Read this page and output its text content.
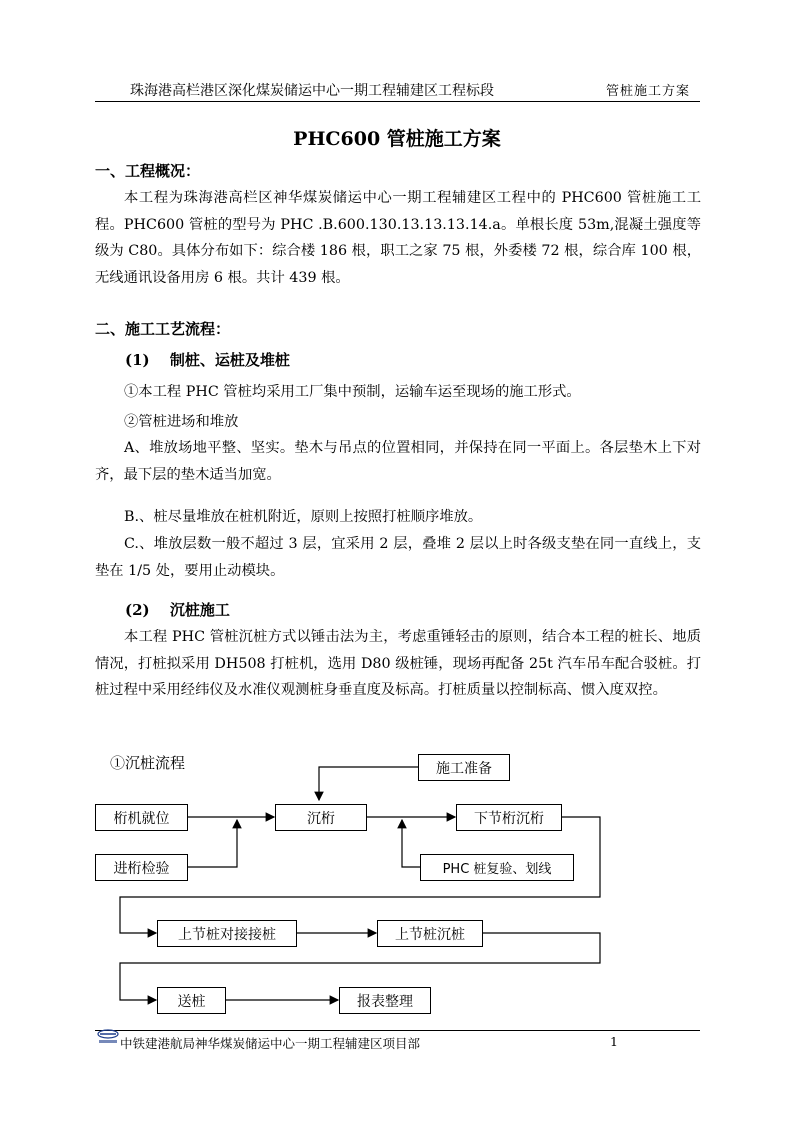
珠海港高栏港区深化煤炭储运中心一期工程辅建区工程标段	管桩施工方案
PHC600 管桩施工方案
一、工程概况：
本工程为珠海港高栏区神华煤炭储运中心一期工程辅建区工程中的 PHC600 管桩施工工程。PHC600 管桩的型号为 PHC .B.600.130.13.13.13.14.a。单根长度 53m,混凝土强度等级为 C80。具体分布如下：综合楼 186 根，职工之家 75 根，外委楼 72 根，综合库 100 根，无线通讯设备用房 6 根。共计 439 根。
二、施工工艺流程：
(1)　 制桩、运桩及堆桩
①本工程 PHC 管桩均采用工厂集中预制，运输车运至现场的施工形式。
②管桩进场和堆放
A、堆放场地平整、坚实。垫木与吊点的位置相同，并保持在同一平面上。各层垫木上下对齐，最下层的垫木适当加宽。
B.、桩尽量堆放在桩机附近，原则上按照打桩顺序堆放。
C.、堆放层数一般不超过 3 层，宜采用 2 层，叠堆 2 层以上时各级支垫在同一直线上，支垫在 1/5 处，要用止动模块。
(2)　 沉桩施工
本工程 PHC 管桩沉桩方式以锤击法为主，考虑重锤轻击的原则，结合本工程的桩长、地质情况，打桩拟采用 DH508 打桩机，选用 D80 级桩锤，现场再配备 25t 汽车吊车配合驳桩。打桩过程中采用经纬仪及水准仪观测桩身垂直度及标高。打桩质量以控制标高、惯入度双控。
①沉桩流程	施工准备
桁机就位	沉桁	下节桁沉桁
进桁检验	PHC 桩复验、划线
上节桩对接接桩	上节桩沉桩
送桩	报表整理
中铁建港航局神华煤炭储运中心一期工程辅建区项目部	1
